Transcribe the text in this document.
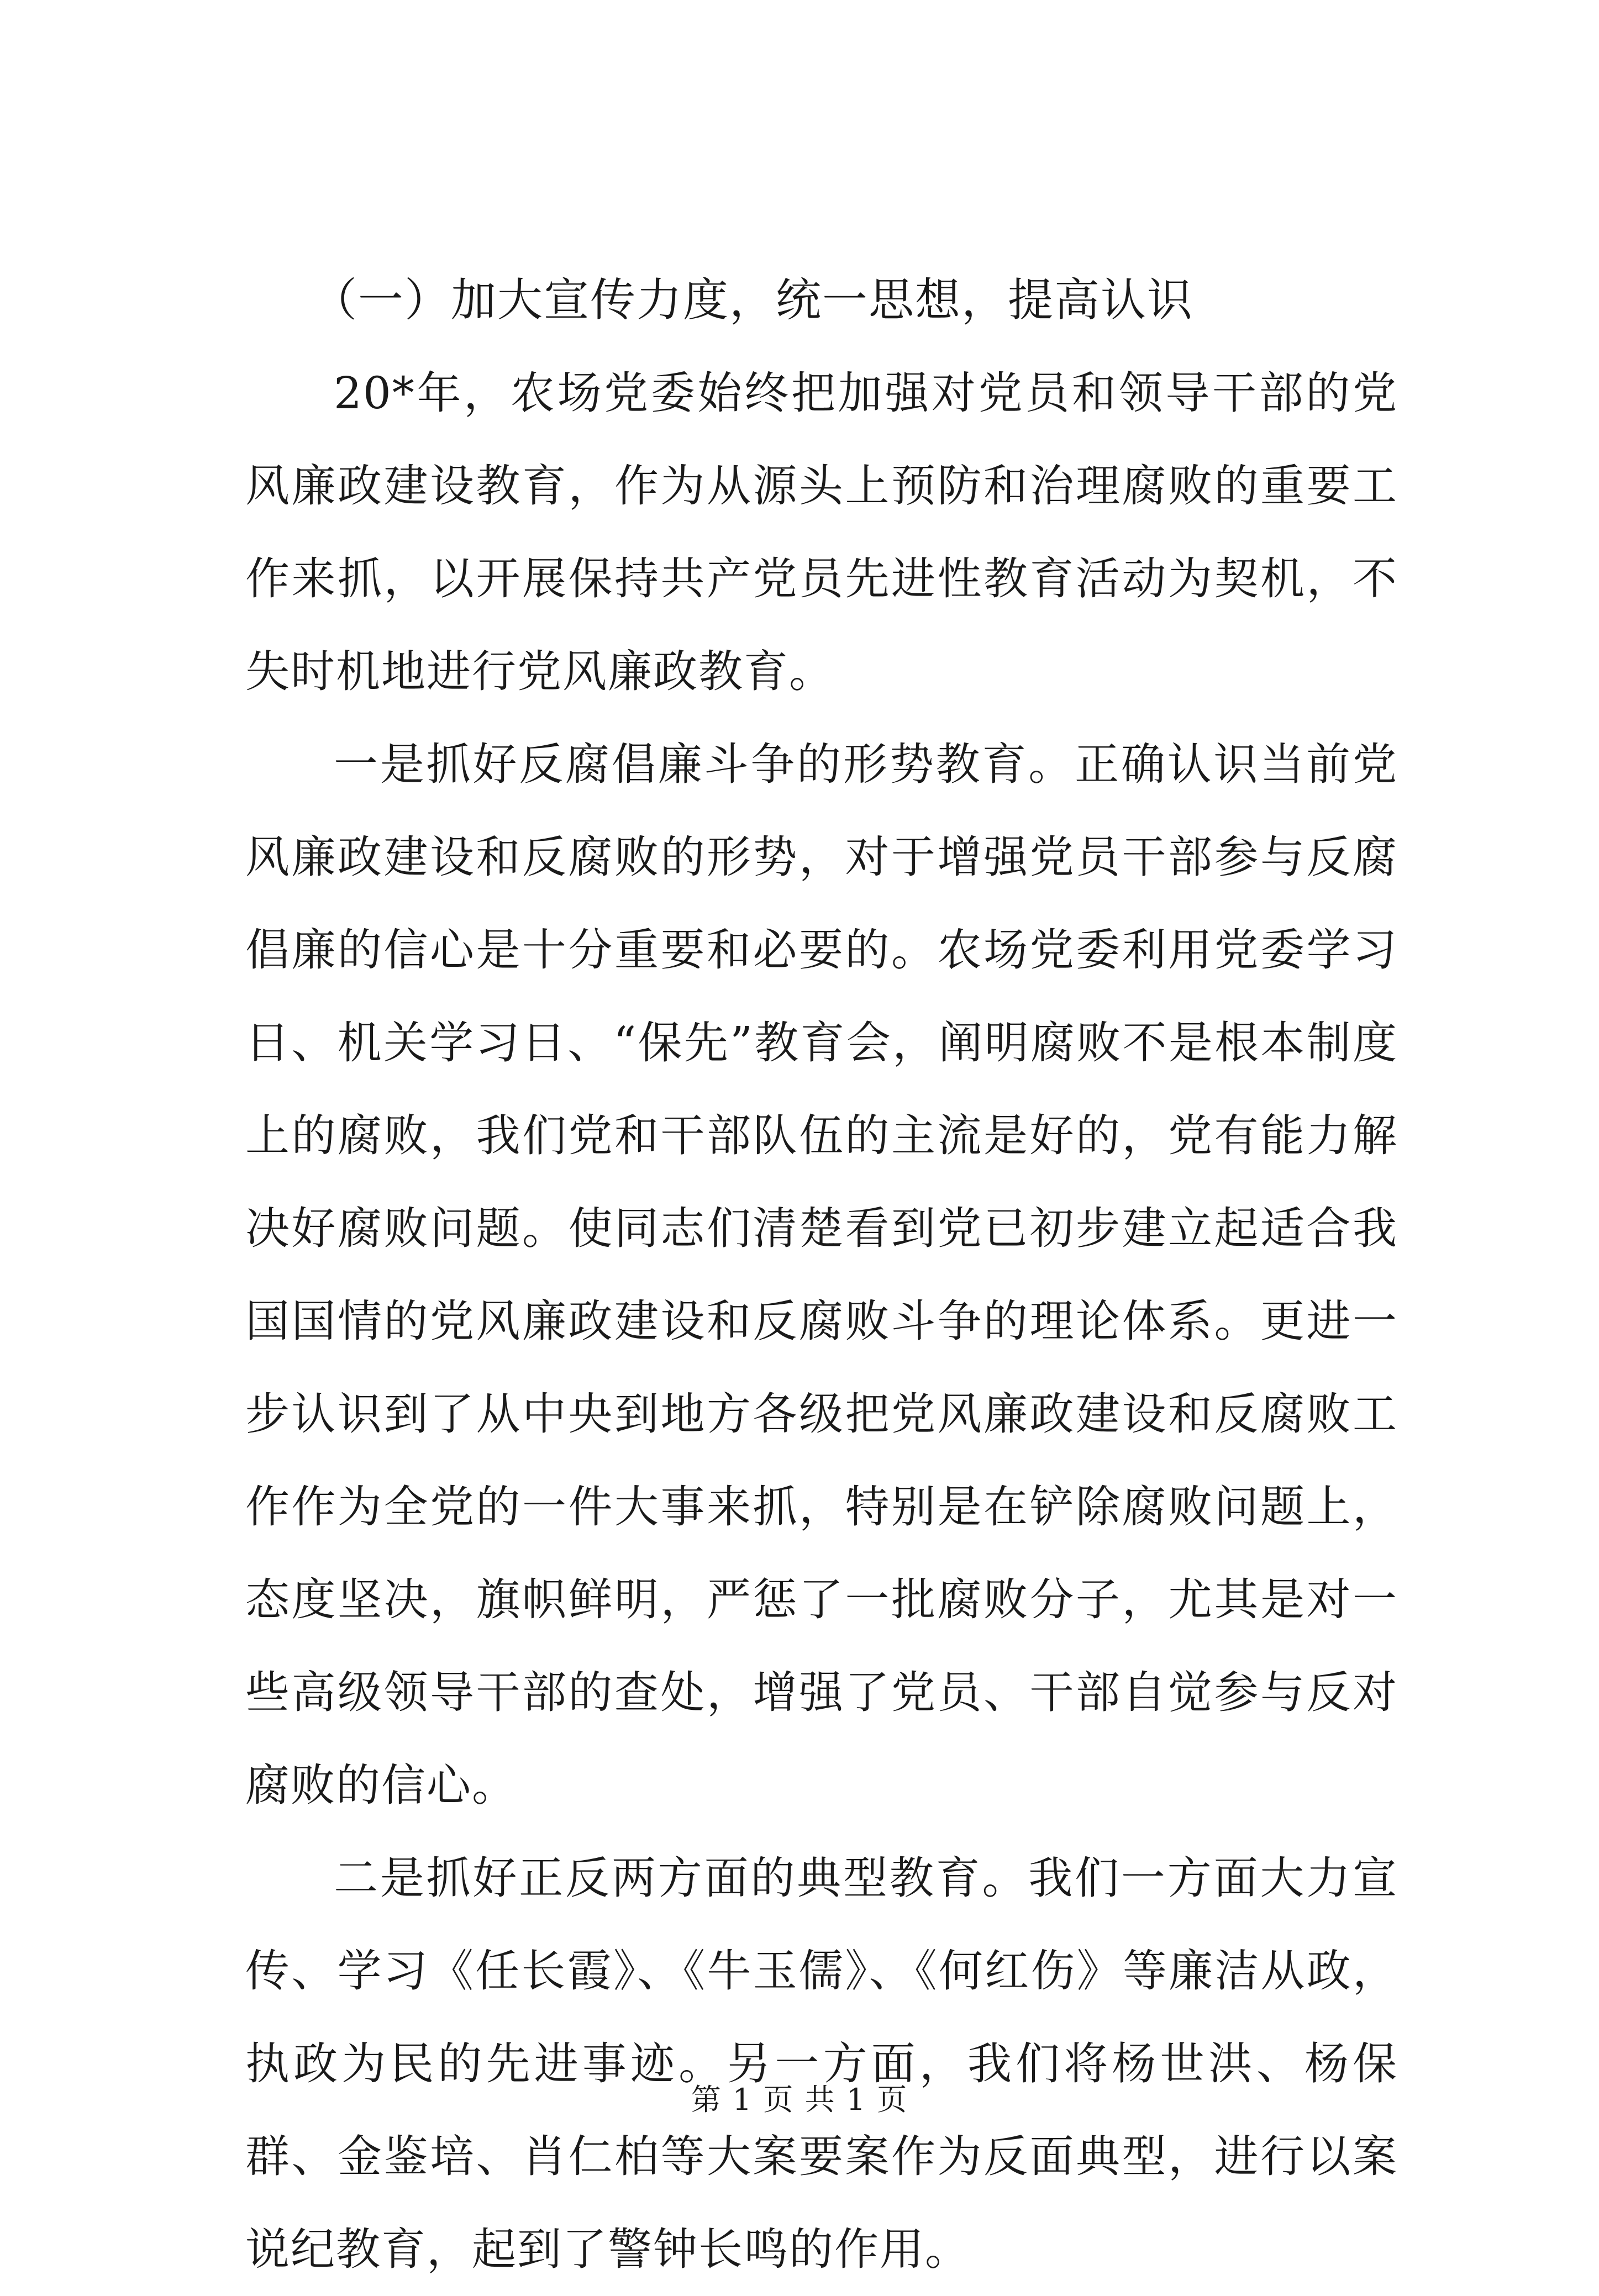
（一）加大宣传力度，统一思想，提高认识

20*年，农场党委始终把加强对党员和领导干部的党风廉政建设教育，作为从源头上预防和治理腐败的重要工作来抓，以开展保持共产党员先进性教育活动为契机，不失时机地进行党风廉政教育。

一是抓好反腐倡廉斗争的形势教育。正确认识当前党风廉政建设和反腐败的形势，对于增强党员干部参与反腐倡廉的信心是十分重要和必要的。农场党委利用党委学习日、机关学习日、“保先”教育会，阐明腐败不是根本制度上的腐败，我们党和干部队伍的主流是好的，党有能力解决好腐败问题。使同志们清楚看到党已初步建立起适合我国国情的党风廉政建设和反腐败斗争的理论体系。更进一步认识到了从中央到地方各级把党风廉政建设和反腐败工作作为全党的一件大事来抓，特别是在铲除腐败问题上，态度坚决，旗帜鲜明，严惩了一批腐败分子，尤其是对一些高级领导干部的查处，增强了党员、干部自觉参与反对腐败的信心。

二是抓好正反两方面的典型教育。我们一方面大力宣传、学习《任长霞》、《牛玉儒》、《何红伤》等廉洁从政，执政为民的先进事迹。另一方面，我们将杨世洪、杨保群、金鉴培、肖仁柏等大案要案作为反面典型，进行以案说纪教育，起到了警钟长鸣的作用。

第 1 页 共 1 页
